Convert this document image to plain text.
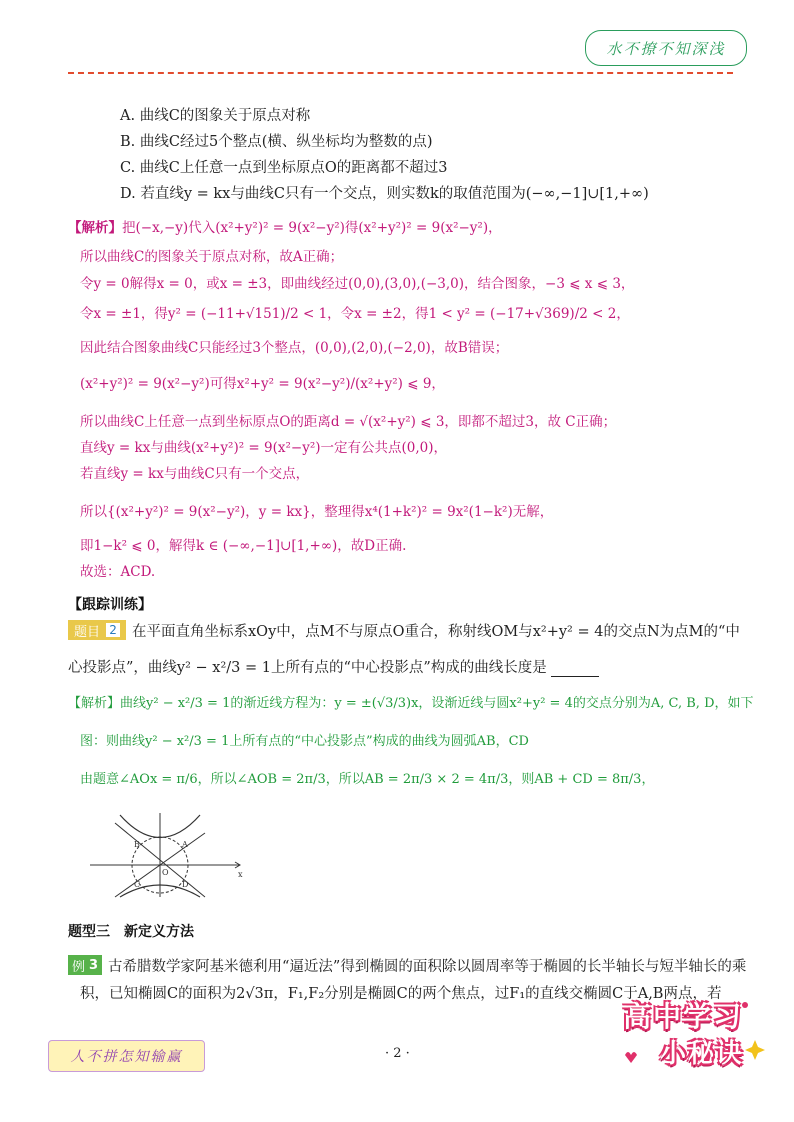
水不撩不知深浅
A. 曲线C的图象关于原点对称
B. 曲线C经过5个整点(横、纵坐标均为整数的点)
C. 曲线C上任意一点到坐标原点O的距离都不超过3
D. 若直线y = kx与曲线C只有一个交点，则实数k的取值范围为(−∞,−1]∪[1,+∞)
【解析】把(−x,−y)代入(x²+y²)² = 9(x²−y²)得(x²+y²)² = 9(x²−y²)，
所以曲线C的图象关于原点对称，故A正确；
令y = 0解得x = 0，或x = ±3，即曲线经过(0,0),(3,0),(−3,0)，结合图象，−3 ⩽ x ⩽ 3，
令x = ±1，得y² = (−11+√151)/2 < 1，令x = ±2，得1 < y² = (−17+√369)/2 < 2，
因此结合图象曲线C只能经过3个整点，(0,0),(2,0),(−2,0)，故B错误；
(x²+y²)² = 9(x²−y²)可得x²+y² = 9(x²−y²)/(x²+y²) ⩽ 9，
所以曲线C上任意一点到坐标原点O的距离d = √(x²+y²) ⩽ 3，即都不超过3，故 C正确；
直线y = kx与曲线(x²+y²)² = 9(x²−y²)一定有公共点(0,0)，
若直线y = kx与曲线C只有一个交点，
所以{(x²+y²)² = 9(x²−y²)，y = kx}，整理得x⁴(1+k²)² = 9x²(1−k²)无解，
即1−k² ⩽ 0，解得k ∈ (−∞,−1]∪[1,+∞)，故D正确.
故选：ACD.
【跟踪训练】
题目 2 在平面直角坐标系xOy中，点M不与原点O重合，称射线OM与x²+y² = 4的交点N为点M的“中
心投影点”，曲线y² − x²/3 = 1上所有点的“中心投影点”构成的曲线长度是
【解析】曲线y² − x²/3 = 1的渐近线方程为：y = ±(√3/3)x，设渐近线与圆x²+y² = 4的交点分别为A, C, B, D，如下
图：则曲线y² − x²/3 = 1上所有点的“中心投影点”构成的曲线为圆弧AB，CD
由题意∠AOx = π/6，所以∠AOB = 2π/3，所以AB = 2π/3 × 2 = 4π/3，则AB + CD = 8π/3，
A
B
C	D
O	x
题型三　新定义方法
例 3 古希腊数学家阿基米德利用“逼近法”得到椭圆的面积除以圆周率等于椭圆的长半轴长与短半轴长的乘
积，已知椭圆C的面积为2√3π，F₁,F₂分别是椭圆C的两个焦点，过F₁的直线交椭圆C于A,B两点，若
人不拼怎知输赢	· 2 ·
高中学习
小秘诀
